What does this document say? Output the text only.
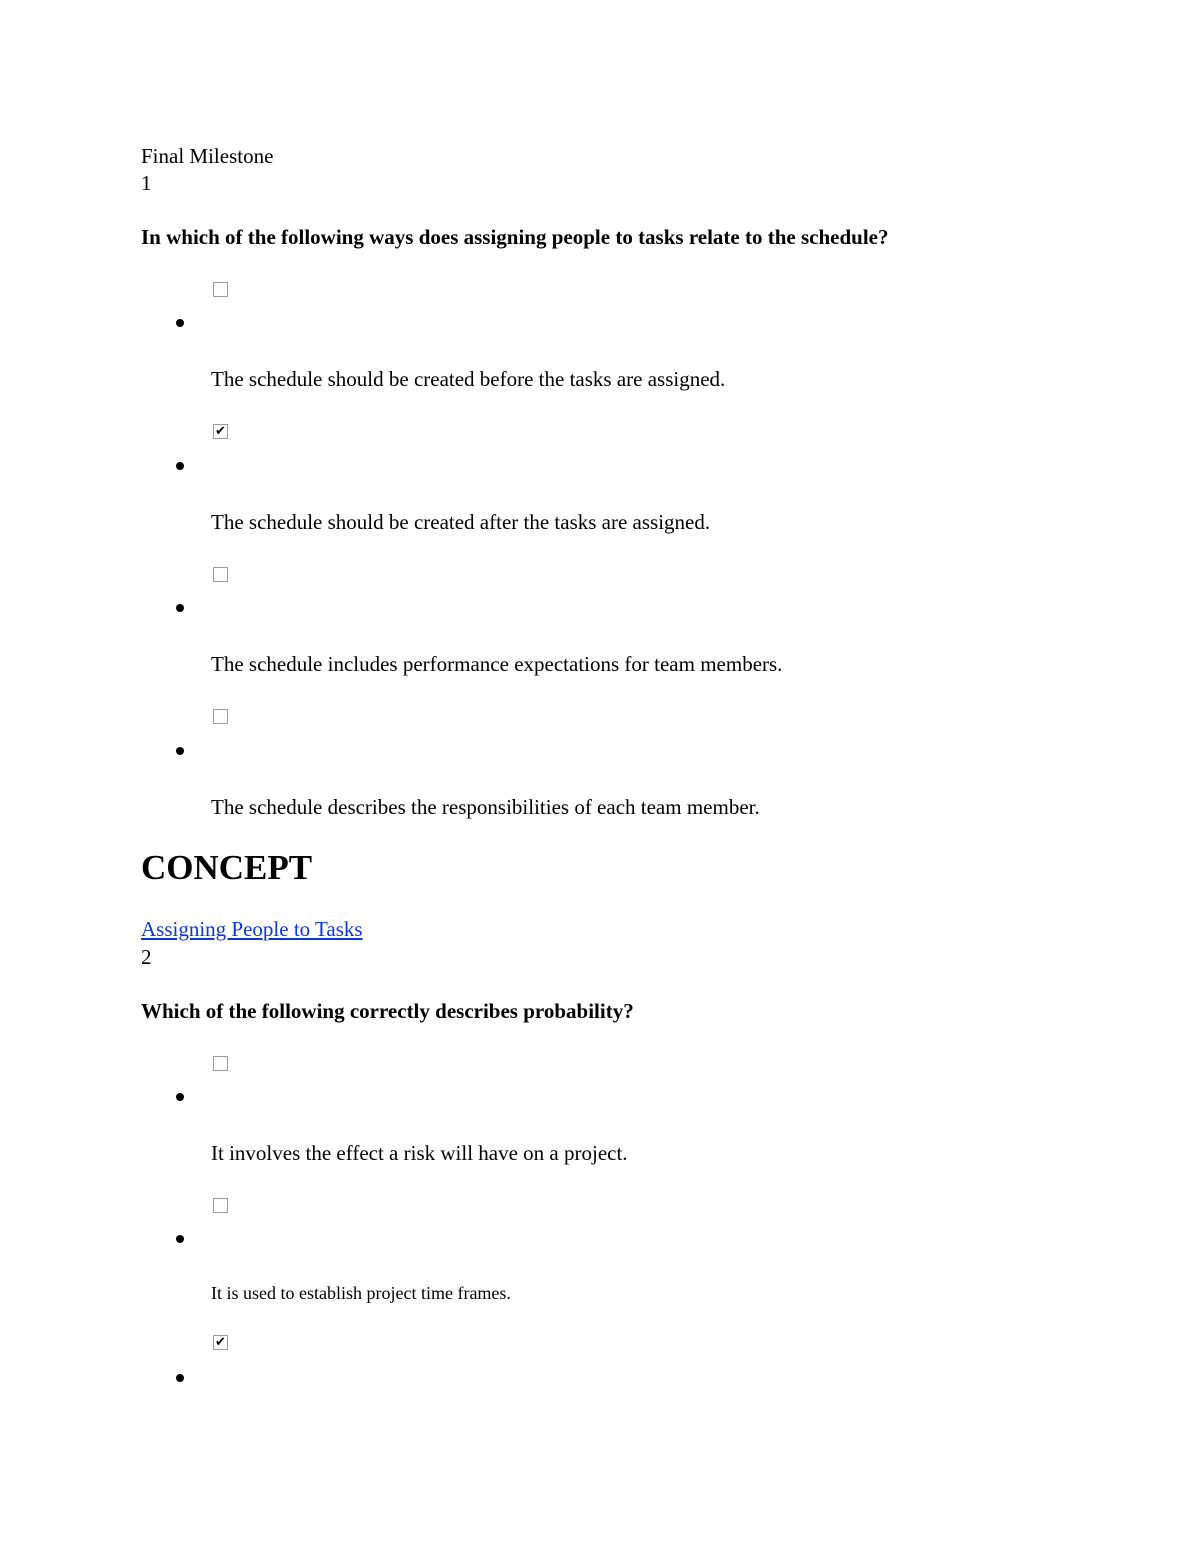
Final Milestone
1
In which of the following ways does assigning people to tasks relate to the schedule?
The schedule should be created before the tasks are assigned.
✔
The schedule should be created after the tasks are assigned.
The schedule includes performance expectations for team members.
The schedule describes the responsibilities of each team member.
CONCEPT
Assigning People to Tasks
2
Which of the following correctly describes probability?
It involves the effect a risk will have on a project.
It is used to establish project time frames.
✔
